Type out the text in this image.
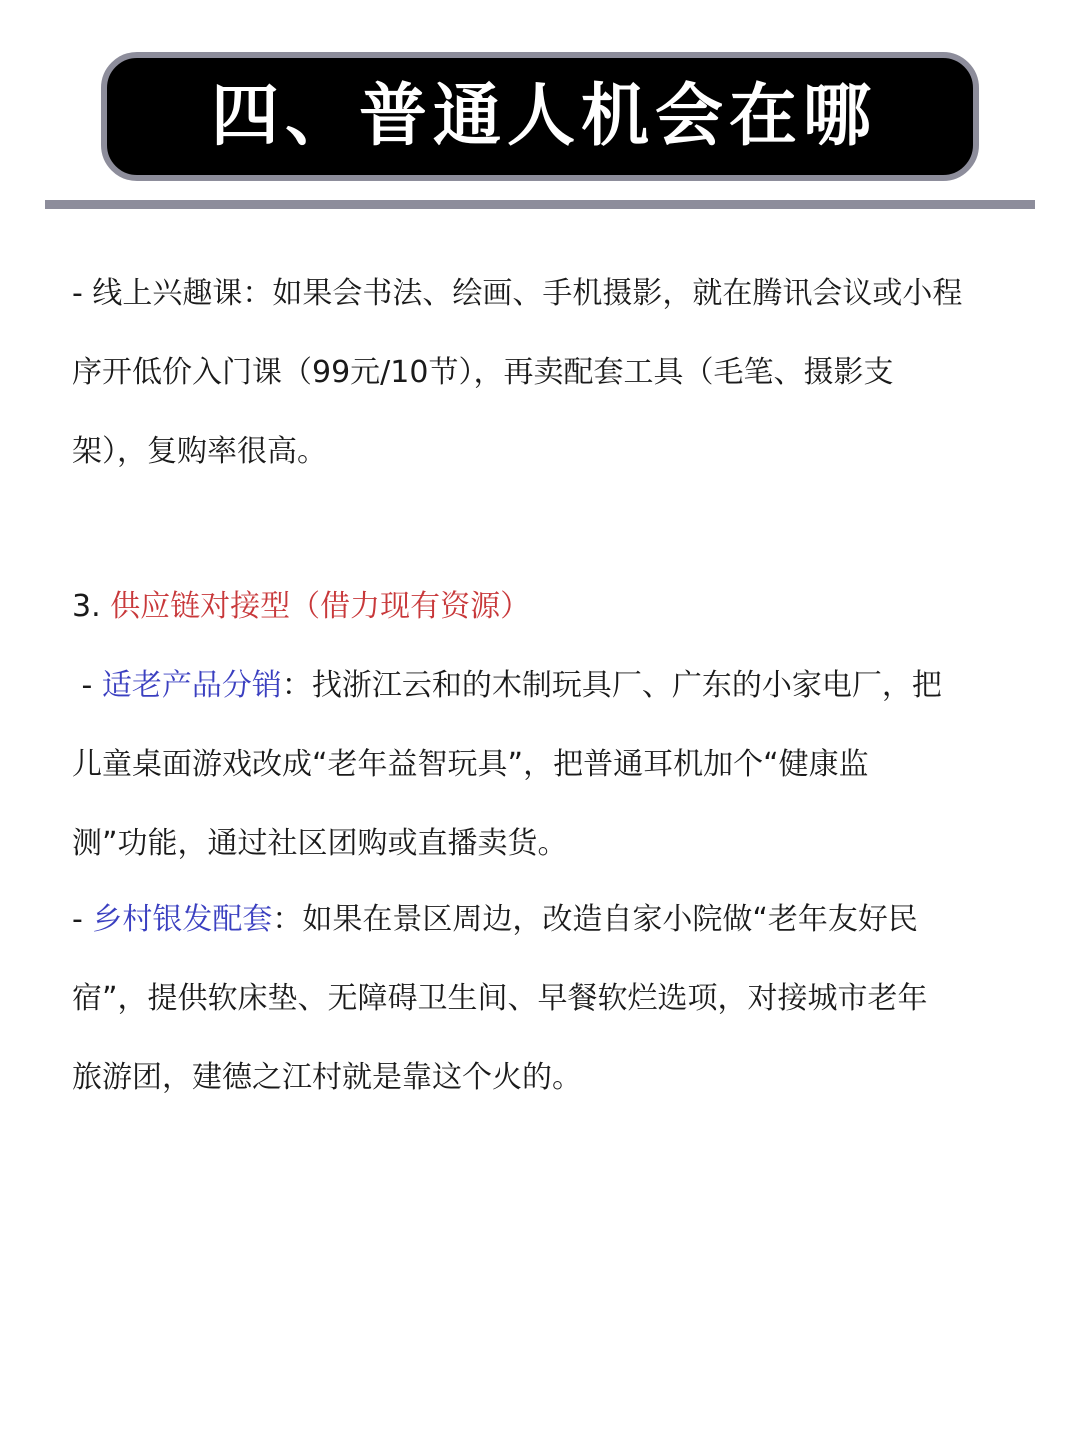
四、普通人机会在哪

- 线上兴趣课：如果会书法、绘画、手机摄影，就在腾讯会议或小程
序开低价入门课（99元/10节），再卖配套工具（毛笔、摄影支
架），复购率很高。

3. 供应链对接型（借力现有资源）

- 适老产品分销：找浙江云和的木制玩具厂、广东的小家电厂，把
儿童桌面游戏改成“老年益智玩具”，把普通耳机加个“健康监
测”功能，通过社区团购或直播卖货。

- 乡村银发配套：如果在景区周边，改造自家小院做“老年友好民
宿”，提供软床垫、无障碍卫生间、早餐软烂选项，对接城市老年
旅游团，建德之江村就是靠这个火的。
